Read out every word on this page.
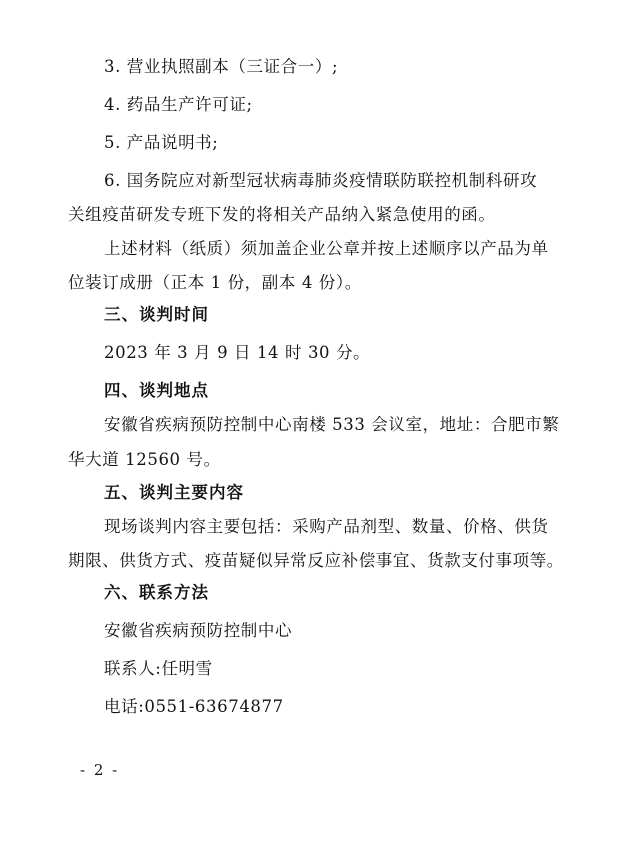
3. 营业执照副本（三证合一）;
4. 药品生产许可证;
5. 产品说明书;
6. 国务院应对新型冠状病毒肺炎疫情联防联控机制科研攻
关组疫苗研发专班下发的将相关产品纳入紧急使用的函。
上述材料（纸质）须加盖企业公章并按上述顺序以产品为单
位装订成册（正本 1 份，副本 4 份）。
三、谈判时间
2023 年 3 月 9 日 14 时 30 分。
四、谈判地点
安徽省疾病预防控制中心南楼 533 会议室，地址：合肥市繁
华大道 12560 号。
五、谈判主要内容
现场谈判内容主要包括：采购产品剂型、数量、价格、供货
期限、供货方式、疫苗疑似异常反应补偿事宜、货款支付事项等。
六、联系方法
安徽省疾病预防控制中心
联系人:任明雪
电话:0551-63674877
- 2 -
